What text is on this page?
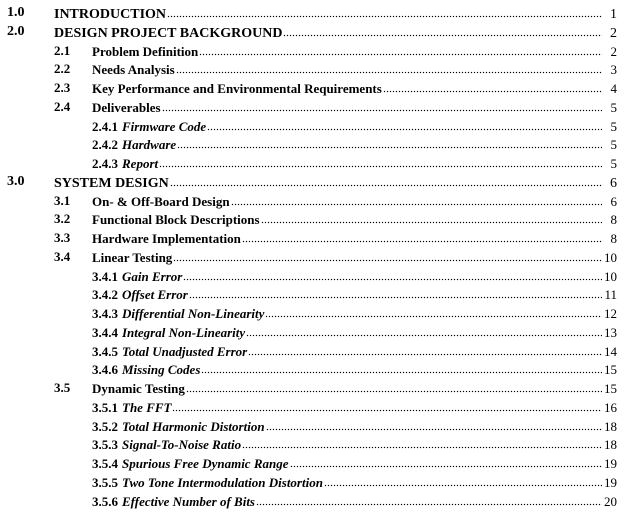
1.0 INTRODUCTION	1
2.0 DESIGN PROJECT BACKGROUND	2
2.1 Problem Definition	2
2.2 Needs Analysis	3
2.3 Key Performance and Environmental Requirements	4
2.4 Deliverables	5
2.4.1 Firmware Code	5
2.4.2 Hardware	5
2.4.3 Report	5
3.0 SYSTEM DESIGN	6
3.1 On- & Off-Board Design	6
3.2 Functional Block Descriptions	8
3.3 Hardware Implementation	8
3.4 Linear Testing	10
3.4.1 Gain Error	10
3.4.2 Offset Error	11
3.4.3 Differential Non-Linearity	12
3.4.4 Integral Non-Linearity	13
3.4.5 Total Unadjusted Error	14
3.4.6 Missing Codes	15
3.5 Dynamic Testing	15
3.5.1 The FFT	16
3.5.2 Total Harmonic Distortion	18
3.5.3 Signal-To-Noise Ratio	18
3.5.4 Spurious Free Dynamic Range	19
3.5.5 Two Tone Intermodulation Distortion	19
3.5.6 Effective Number of Bits	20
